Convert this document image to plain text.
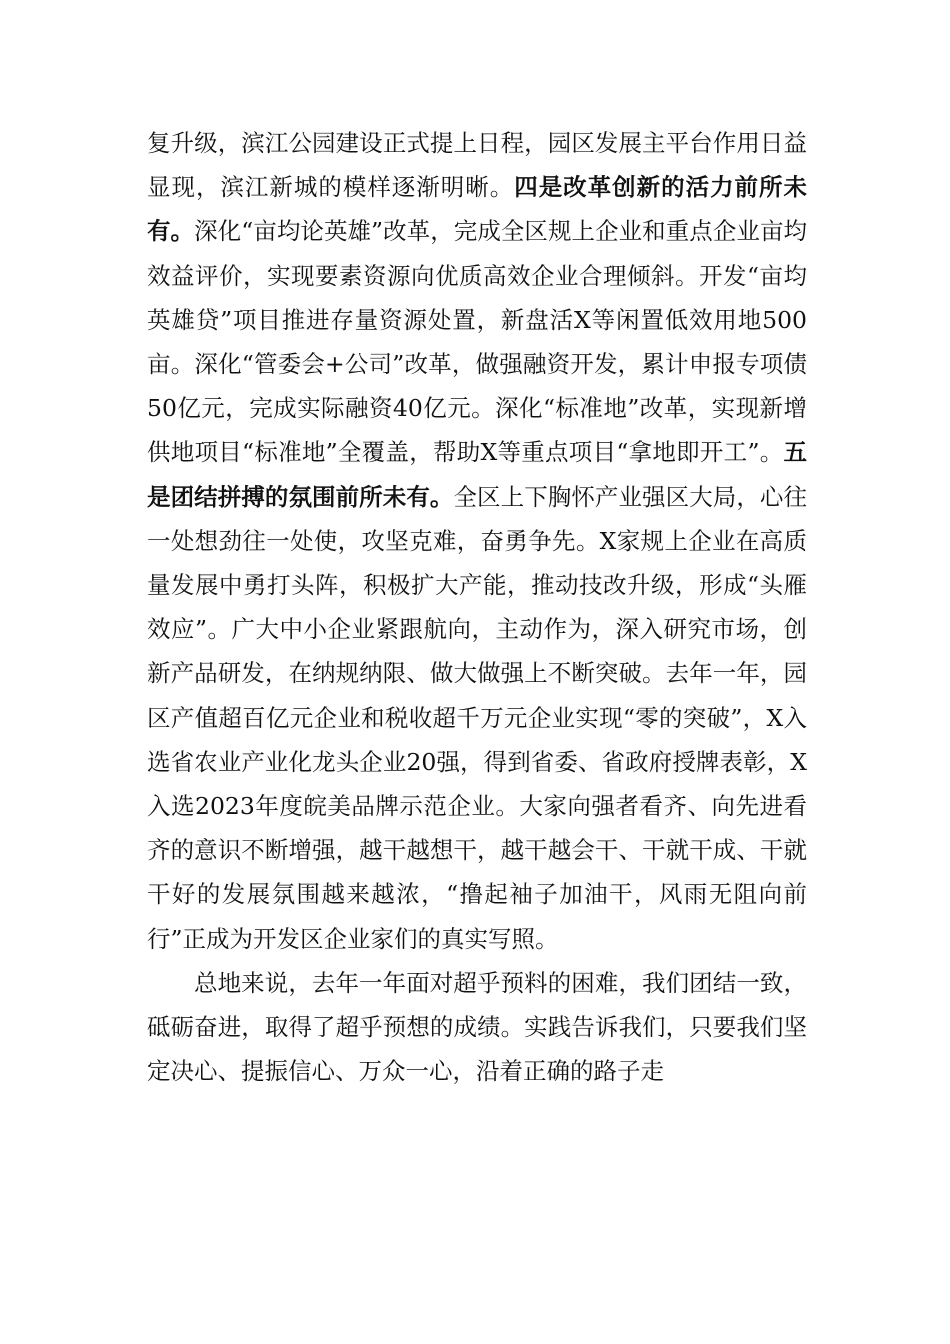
复升级，滨江公园建设正式提上日程，园区发展主平台作用日益显现，滨江新城的模样逐渐明晰。四是改革创新的活力前所未有。深化“亩均论英雄”改革，完成全区规上企业和重点企业亩均效益评价，实现要素资源向优质高效企业合理倾斜。开发“亩均英雄贷”项目推进存量资源处置，新盘活X等闲置低效用地500亩。深化“管委会+公司”改革，做强融资开发，累计申报专项债50亿元，完成实际融资40亿元。深化“标准地”改革，实现新增供地项目“标准地”全覆盖，帮助X等重点项目“拿地即开工”。五是团结拼搏的氛围前所未有。全区上下胸怀产业强区大局，心往一处想劲往一处使，攻坚克难，奋勇争先。X家规上企业在高质量发展中勇打头阵，积极扩大产能，推动技改升级，形成“头雁效应”。广大中小企业紧跟航向，主动作为，深入研究市场，创新产品研发，在纳规纳限、做大做强上不断突破。去年一年，园区产值超百亿元企业和税收超千万元企业实现“零的突破”，X入选省农业产业化龙头企业20强，得到省委、省政府授牌表彰，X入选2023年度皖美品牌示范企业。大家向强者看齐、向先进看齐的意识不断增强，越干越想干，越干越会干、干就干成、干就干好的发展氛围越来越浓，“撸起袖子加油干，风雨无阻向前行”正成为开发区企业家们的真实写照。

总地来说，去年一年面对超乎预料的困难，我们团结一致，砥砺奋进，取得了超乎预想的成绩。实践告诉我们，只要我们坚定决心、提振信心、万众一心，沿着正确的路子走
